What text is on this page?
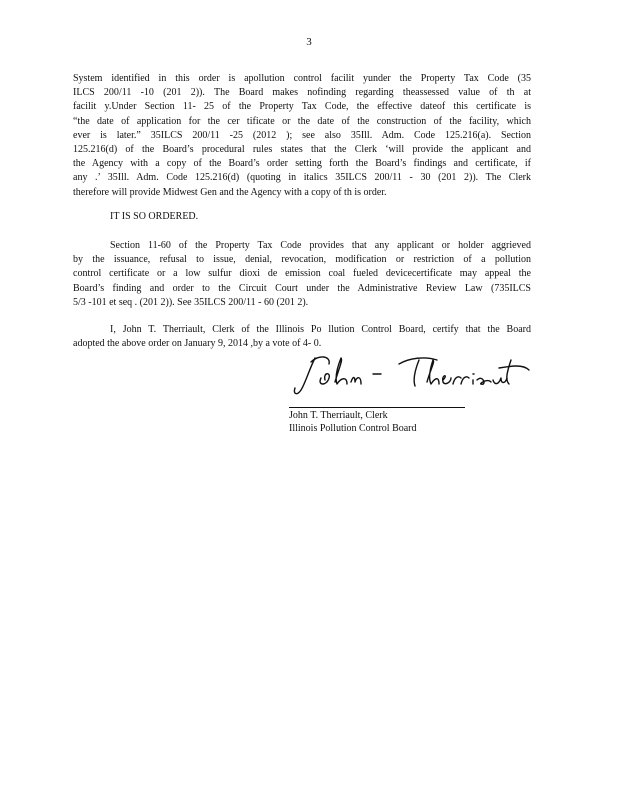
3
System identified in this order is apollution control facilit yunder the Property Tax Code (35
ILCS 200/11 -10 (201 2)). The Board makes nofinding regarding theassessed value of th at
facilit y.Under Section 11- 25 of the Property Tax Code, the effective dateof this certificate is
“the date of application for the cer tificate or the date of the construction of the facility, which
ever is later.” 35ILCS 200/11 -25 (2012 ); see also 35Ill. Adm. Code 125.216(a). Section
125.216(d) of the Board’s procedural rules states that the Clerk ‘will provide the applicant and
the Agency with a copy of the Board’s order setting forth the Board’s findings and certificate, if
any .’ 35Ill. Adm. Code 125.216(d) (quoting in italics 35ILCS 200/11 - 30 (201 2)). The Clerk
therefore will provide Midwest Gen and the Agency with a copy of th is order.
IT IS SO ORDERED.
Section 11-60 of the Property Tax Code provides that any applicant or holder aggrieved
by the issuance, refusal to issue, denial, revocation, modification or restriction of a pollution
control certificate or a low sulfur dioxi de emission coal fueled devicecertificate may appeal the
Board’s finding and order to the Circuit Court under the Administrative Review Law (735ILCS
5/3 -101 et seq . (201 2)). See 35ILCS 200/11 - 60 (201 2).
I, John T. Therriault, Clerk of the Illinois Po llution Control Board, certify that the Board
adopted the above order on January 9, 2014 ,by a vote of 4- 0.
John T. Therriault, Clerk
Illinois Pollution Control Board
